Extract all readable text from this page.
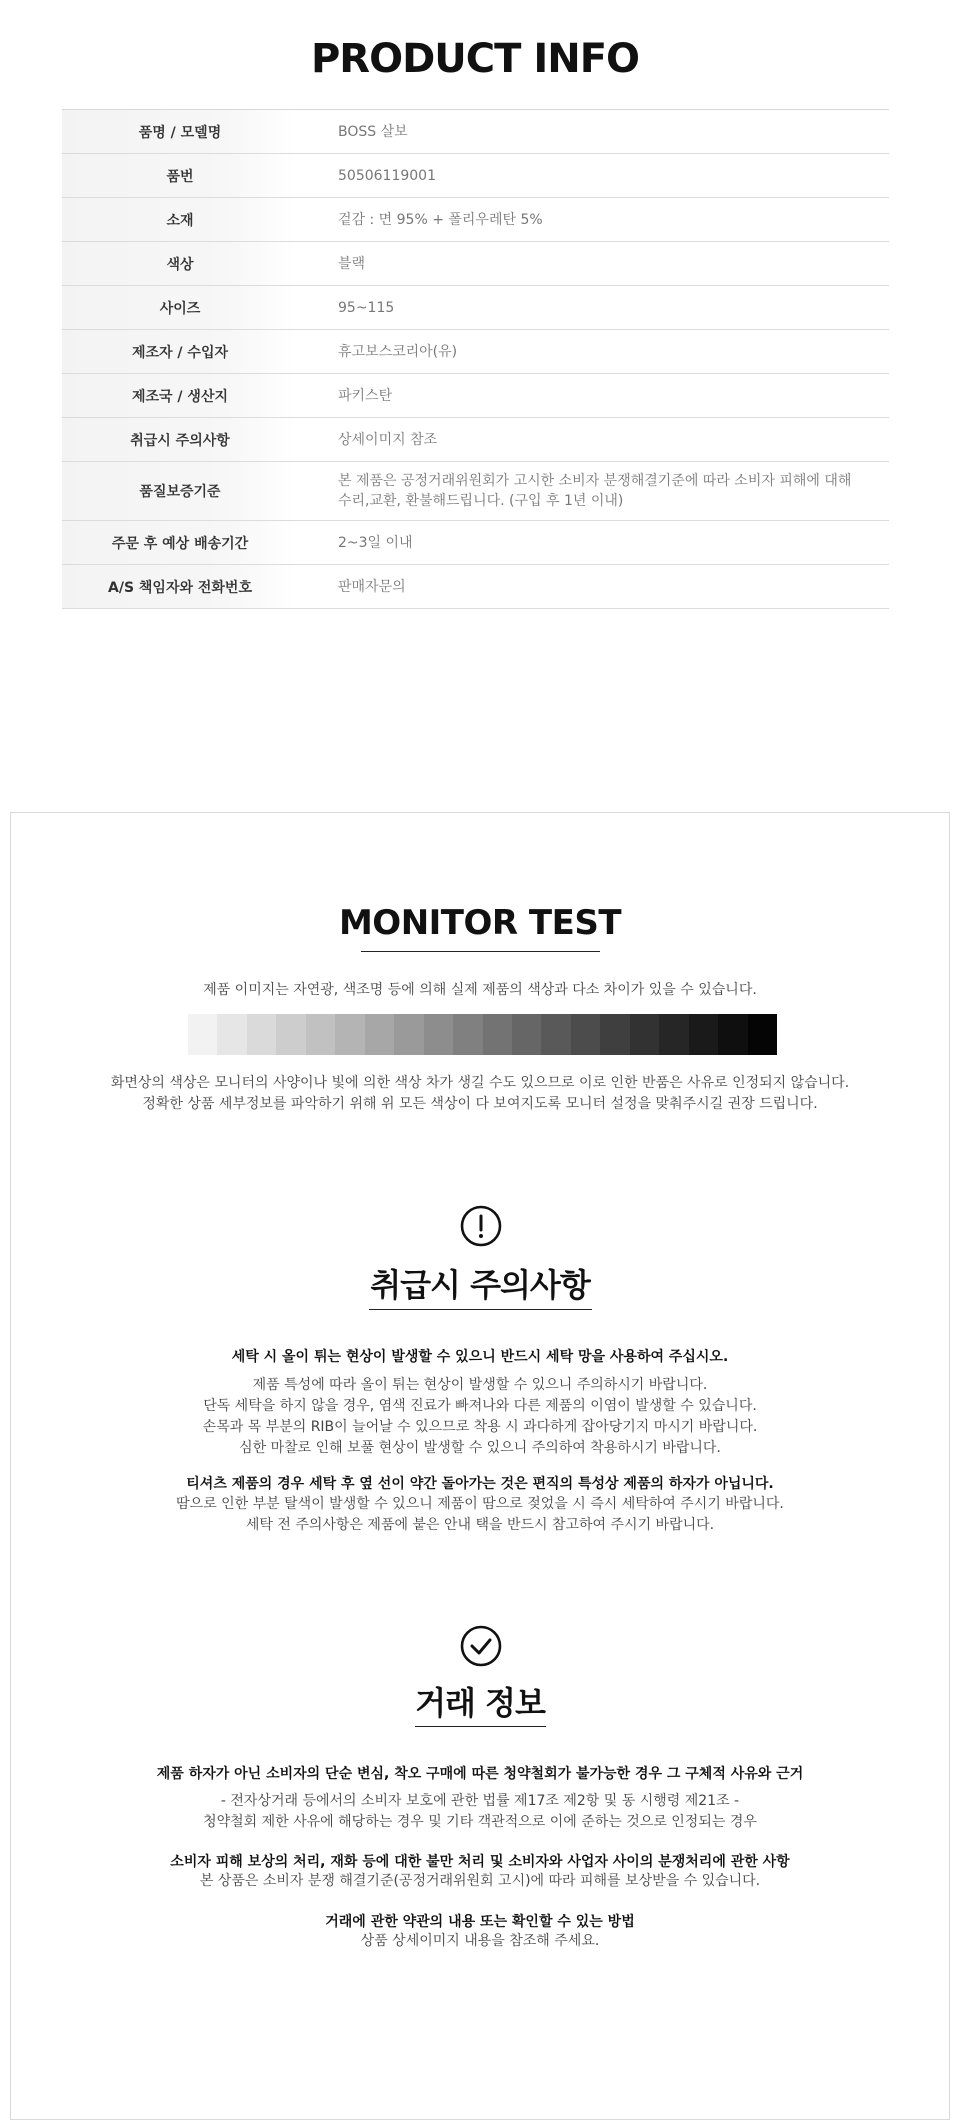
PRODUCT INFO
품명 / 모델명	BOSS 살보
품번	50506119001
소재	겉감 : 면 95% + 폴리우레탄 5%
색상	블랙
사이즈	95~115
제조자 / 수입자	휴고보스코리아(유)
제조국 / 생산지	파키스탄
취급시 주의사항	상세이미지 참조
품질보증기준	본 제품은 공정거래위원회가 고시한 소비자 분쟁해결기준에 따라 소비자 피해에 대해
수리,교환, 환불해드립니다. (구입 후 1년 이내)
주문 후 예상 배송기간	2~3일 이내
A/S 책임자와 전화번호	판매자문의
MONITOR TEST
제품 이미지는 자연광, 색조명 등에 의해 실제 제품의 색상과 다소 차이가 있을 수 있습니다.
화면상의 색상은 모니터의 사양이나 빛에 의한 색상 차가 생길 수도 있으므로 이로 인한 반품은 사유로 인정되지 않습니다.
정확한 상품 세부정보를 파악하기 위해 위 모든 색상이 다 보여지도록 모니터 설정을 맞춰주시길 권장 드립니다.
취급시 주의사항
세탁 시 올이 튀는 현상이 발생할 수 있으니 반드시 세탁 망을 사용하여 주십시오.
제품 특성에 따라 올이 튀는 현상이 발생할 수 있으니 주의하시기 바랍니다.
단독 세탁을 하지 않을 경우, 염색 진료가 빠져나와 다른 제품의 이염이 발생할 수 있습니다.
손목과 목 부분의 RIB이 늘어날 수 있으므로 착용 시 과다하게 잡아당기지 마시기 바랍니다.
심한 마찰로 인해 보풀 현상이 발생할 수 있으니 주의하여 착용하시기 바랍니다.
티셔츠 제품의 경우 세탁 후 옆 선이 약간 돌아가는 것은 편직의 특성상 제품의 하자가 아닙니다.
땀으로 인한 부분 탈색이 발생할 수 있으니 제품이 땀으로 젖었을 시 즉시 세탁하여 주시기 바랍니다.
세탁 전 주의사항은 제품에 붙은 안내 택을 반드시 참고하여 주시기 바랍니다.
거래 정보
제품 하자가 아닌 소비자의 단순 변심, 착오 구매에 따른 청약철회가 불가능한 경우 그 구체적 사유와 근거
- 전자상거래 등에서의 소비자 보호에 관한 법률 제17조 제2항 및 동 시행령 제21조 -
청약철회 제한 사유에 해당하는 경우 및 기타 객관적으로 이에 준하는 것으로 인정되는 경우
소비자 피해 보상의 처리, 재화 등에 대한 불만 처리 및 소비자와 사업자 사이의 분쟁처리에 관한 사항
본 상품은 소비자 분쟁 해결기준(공정거래위원회 고시)에 따라 피해를 보상받을 수 있습니다.
거래에 관한 약관의 내용 또는 확인할 수 있는 방법
상품 상세이미지 내용을 참조해 주세요.
